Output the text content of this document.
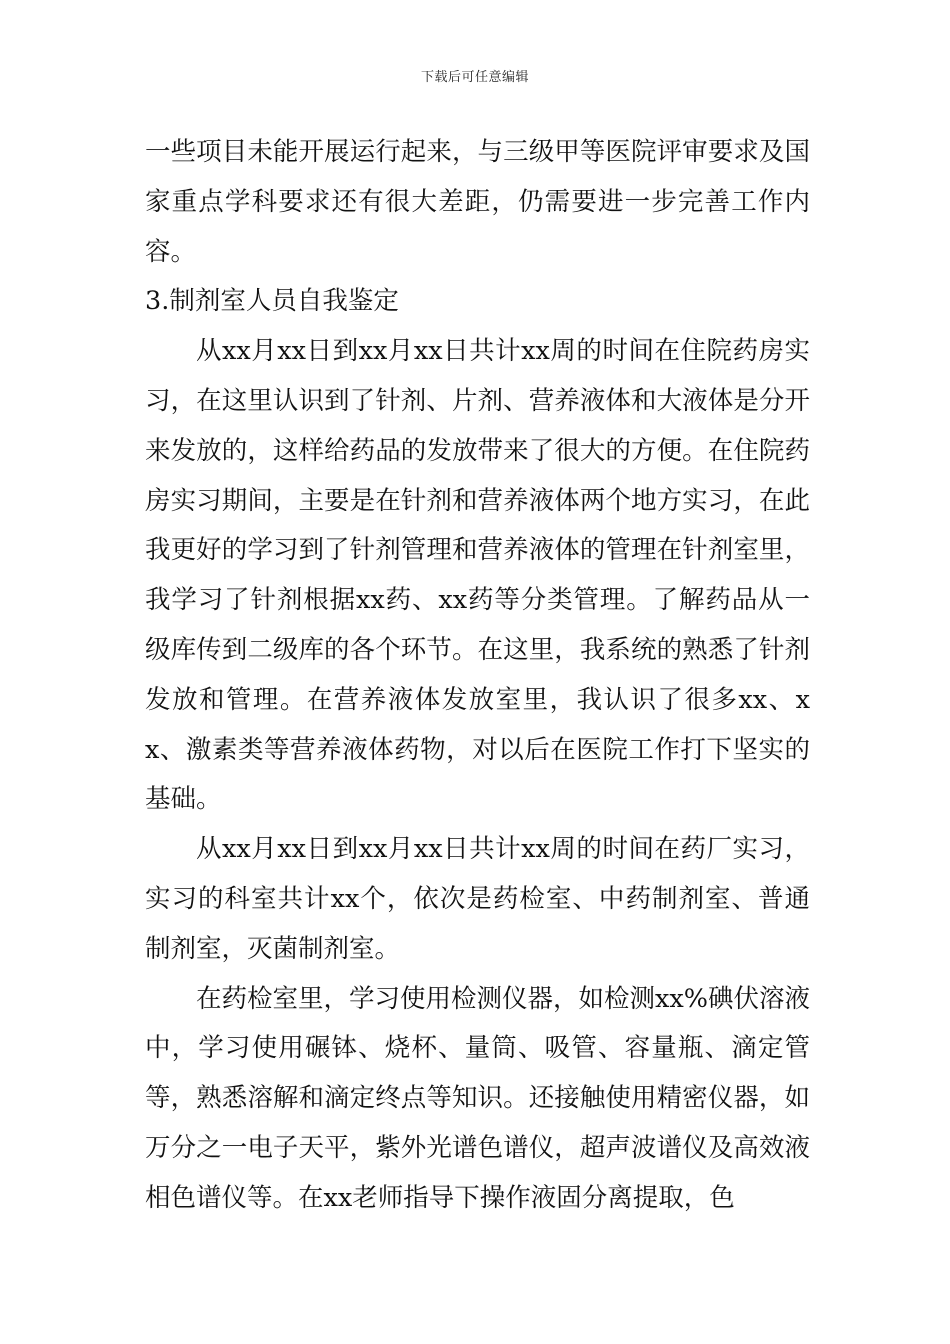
下载后可任意编辑

一些项目未能开展运行起来，与三级甲等医院评审要求及国家重点学科要求还有很大差距，仍需要进一步完善工作内容。

3.制剂室人员自我鉴定

从xx月xx日到xx月xx日共计xx周的时间在住院药房实习，在这里认识到了针剂、片剂、营养液体和大液体是分开来发放的，这样给药品的发放带来了很大的方便。在住院药房实习期间，主要是在针剂和营养液体两个地方实习，在此我更好的学习到了针剂管理和营养液体的管理在针剂室里，我学习了针剂根据xx药、xx药等分类管理。了解药品从一级库传到二级库的各个环节。在这里，我系统的熟悉了针剂发放和管理。在营养液体发放室里，我认识了很多xx、xx、激素类等营养液体药物，对以后在医院工作打下坚实的基础。

从xx月xx日到xx月xx日共计xx周的时间在药厂实习，实习的科室共计xx个，依次是药检室、中药制剂室、普通制剂室，灭菌制剂室。

在药检室里，学习使用检测仪器，如检测xx%碘伏溶液中，学习使用碾钵、烧杯、量筒、吸管、容量瓶、滴定管等，熟悉溶解和滴定终点等知识。还接触使用精密仪器，如万分之一电子天平，紫外光谱色谱仪，超声波谱仪及高效液相色谱仪等。在xx老师指导下操作液固分离提取，色
